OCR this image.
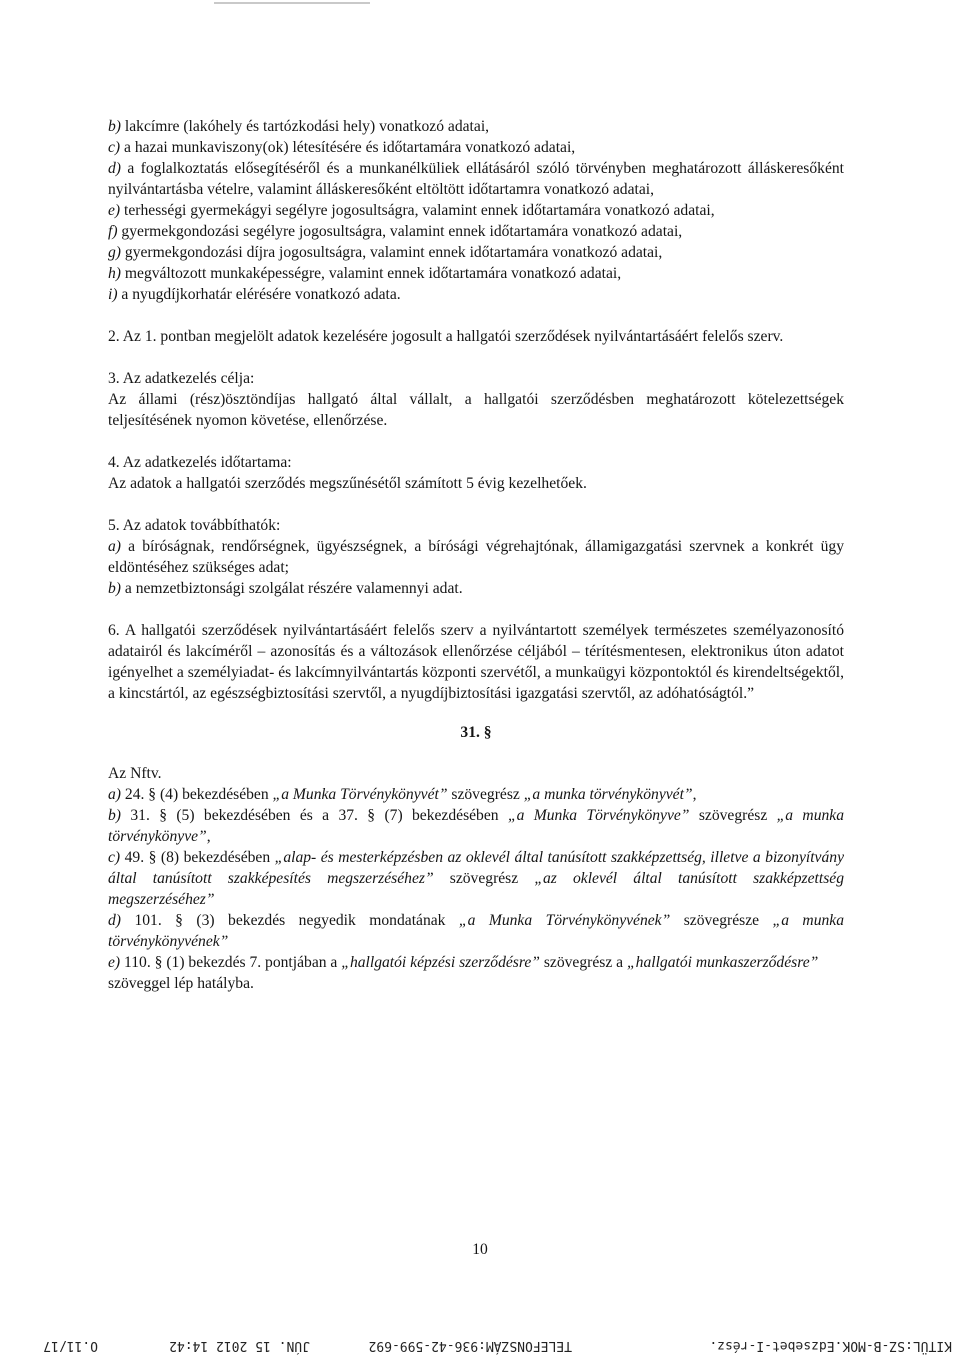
b) lakcímre (lakóhely és tartózkodási hely) vonatkozó adatai,

c) a hazai munkaviszony(ok) létesítésére és időtartamára vonatkozó adatai,

d) a foglalkoztatás elősegítéséről és a munkanélküliek ellátásáról szóló törvényben meghatározott álláskeresőként nyilvántartásba vételre, valamint álláskeresőként eltöltött időtartamra vonatkozó adatai,

e) terhességi gyermekágyi segélyre jogosultságra, valamint ennek időtartamára vonatkozó adatai,

f) gyermekgondozási segélyre jogosultságra, valamint ennek időtartamára vonatkozó adatai,

g) gyermekgondozási díjra jogosultságra, valamint ennek időtartamára vonatkozó adatai,

h) megváltozott munkaképességre, valamint ennek időtartamára vonatkozó adatai,

i) a nyugdíjkorhatár elérésére vonatkozó adata.

2. Az 1. pontban megjelölt adatok kezelésére jogosult a hallgatói szerződések nyilvántartásáért felelős szerv.

3. Az adatkezelés célja:

Az állami (rész)ösztöndíjas hallgató által vállalt, a hallgatói szerződésben meghatározott kötelezettségek teljesítésének nyomon követése, ellenőrzése.

4. Az adatkezelés időtartama:

Az adatok a hallgatói szerződés megszűnésétől számított 5 évig kezelhetőek.

5. Az adatok továbbíthatók:

a) a bíróságnak, rendőrségnek, ügyészségnek, a bírósági végrehajtónak, államigazgatási szervnek a konkrét ügy eldöntéséhez szükséges adat;

b) a nemzetbiztonsági szolgálat részére valamennyi adat.

6. A hallgatói szerződések nyilvántartásáért felelős szerv a nyilvántartott személyek természetes személyazonosító adatairól és lakcíméről – azonosítás és a változások ellenőrzése céljából – térítésmentesen, elektronikus úton adatot igényelhet a személyiadat- és lakcímnyilvántartás központi szervétől, a munkaügyi központoktól és kirendeltségektől, a kincstártól, az egészségbiztosítási szervtől, a nyugdíjbiztosítási igazgatási szervtől, az adóhatóságtól.”

31. §

Az Nftv.

a) 24. § (4) bekezdésében „a Munka Törvénykönyvét” szövegrész „a munka törvénykönyvét”,

b) 31. § (5) bekezdésében és a 37. § (7) bekezdésében „a Munka Törvénykönyve” szövegrész „a munka törvénykönyve”,

c) 49. § (8) bekezdésében „alap- és mesterképzésben az oklevél által tanúsított szakképzettség, illetve a bizonyítvány által tanúsított szakképesítés megszerzéséhez” szövegrész „az oklevél által tanúsított szakképzettség megszerzéséhez”

d) 101. § (3) bekezdés negyedik mondatának „a Munka Törvénykönyvének” szövegrésze „a munka törvénykönyvének”

e) 110. § (1) bekezdés 7. pontjában a „hallgatói képzési szerződésre” szövegrész a „hallgatói munkaszerződésre”

szöveggel lép hatályba.

10
KITÜL:SZ-B-MOK.Edzsebet-I-rész.
TELEFONSZÁM:936-42-599-692
JÚN. 15 2012 14:42
O.11/17
